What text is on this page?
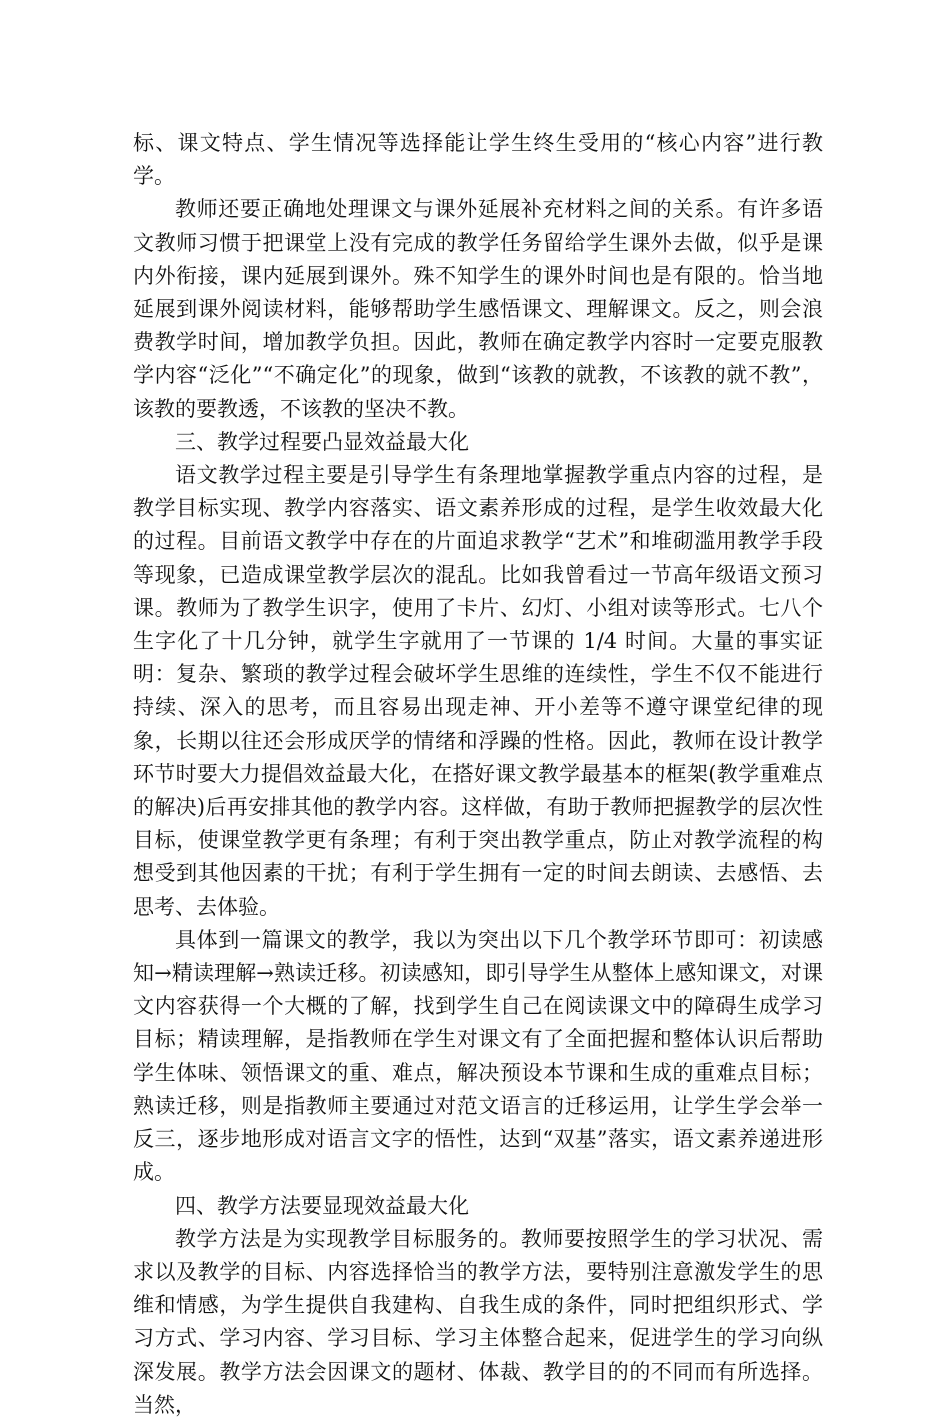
标、课文特点、学生情况等选择能让学生终生受用的“核心内容”进行教学。

教师还要正确地处理课文与课外延展补充材料之间的关系。有许多语文教师习惯于把课堂上没有完成的教学任务留给学生课外去做，似乎是课内外衔接，课内延展到课外。殊不知学生的课外时间也是有限的。恰当地延展到课外阅读材料，能够帮助学生感悟课文、理解课文。反之，则会浪费教学时间，增加教学负担。因此，教师在确定教学内容时一定要克服教学内容“泛化”“不确定化”的现象，做到“该教的就教，不该教的就不教”，该教的要教透，不该教的坚决不教。

三、教学过程要凸显效益最大化

语文教学过程主要是引导学生有条理地掌握教学重点内容的过程，是教学目标实现、教学内容落实、语文素养形成的过程，是学生收效最大化的过程。目前语文教学中存在的片面追求教学“艺术”和堆砌滥用教学手段等现象，已造成课堂教学层次的混乱。比如我曾看过一节高年级语文预习课。教师为了教学生识字，使用了卡片、幻灯、小组对读等形式。七八个生字化了十几分钟，就学生字就用了一节课的 1/4 时间。大量的事实证明：复杂、繁琐的教学过程会破坏学生思维的连续性，学生不仅不能进行持续、深入的思考，而且容易出现走神、开小差等不遵守课堂纪律的现象，长期以往还会形成厌学的情绪和浮躁的性格。因此，教师在设计教学环节时要大力提倡效益最大化，在搭好课文教学最基本的框架(教学重难点的解决)后再安排其他的教学内容。这样做，有助于教师把握教学的层次性目标，使课堂教学更有条理；有利于突出教学重点，防止对教学流程的构想受到其他因素的干扰；有利于学生拥有一定的时间去朗读、去感悟、去思考、去体验。

具体到一篇课文的教学，我以为突出以下几个教学环节即可：初读感知→精读理解→熟读迁移。初读感知，即引导学生从整体上感知课文，对课文内容获得一个大概的了解，找到学生自己在阅读课文中的障碍生成学习目标；精读理解，是指教师在学生对课文有了全面把握和整体认识后帮助学生体味、领悟课文的重、难点，解决预设本节课和生成的重难点目标；熟读迁移，则是指教师主要通过对范文语言的迁移运用，让学生学会举一反三，逐步地形成对语言文字的悟性，达到“双基”落实，语文素养递进形成。

四、教学方法要显现效益最大化

教学方法是为实现教学目标服务的。教师要按照学生的学习状况、需求以及教学的目标、内容选择恰当的教学方法，要特别注意激发学生的思维和情感，为学生提供自我建构、自我生成的条件，同时把组织形式、学习方式、学习内容、学习目标、学习主体整合起来，促进学生的学习向纵深发展。教学方法会因课文的题材、体裁、教学目的的不同而有所选择。当然，
